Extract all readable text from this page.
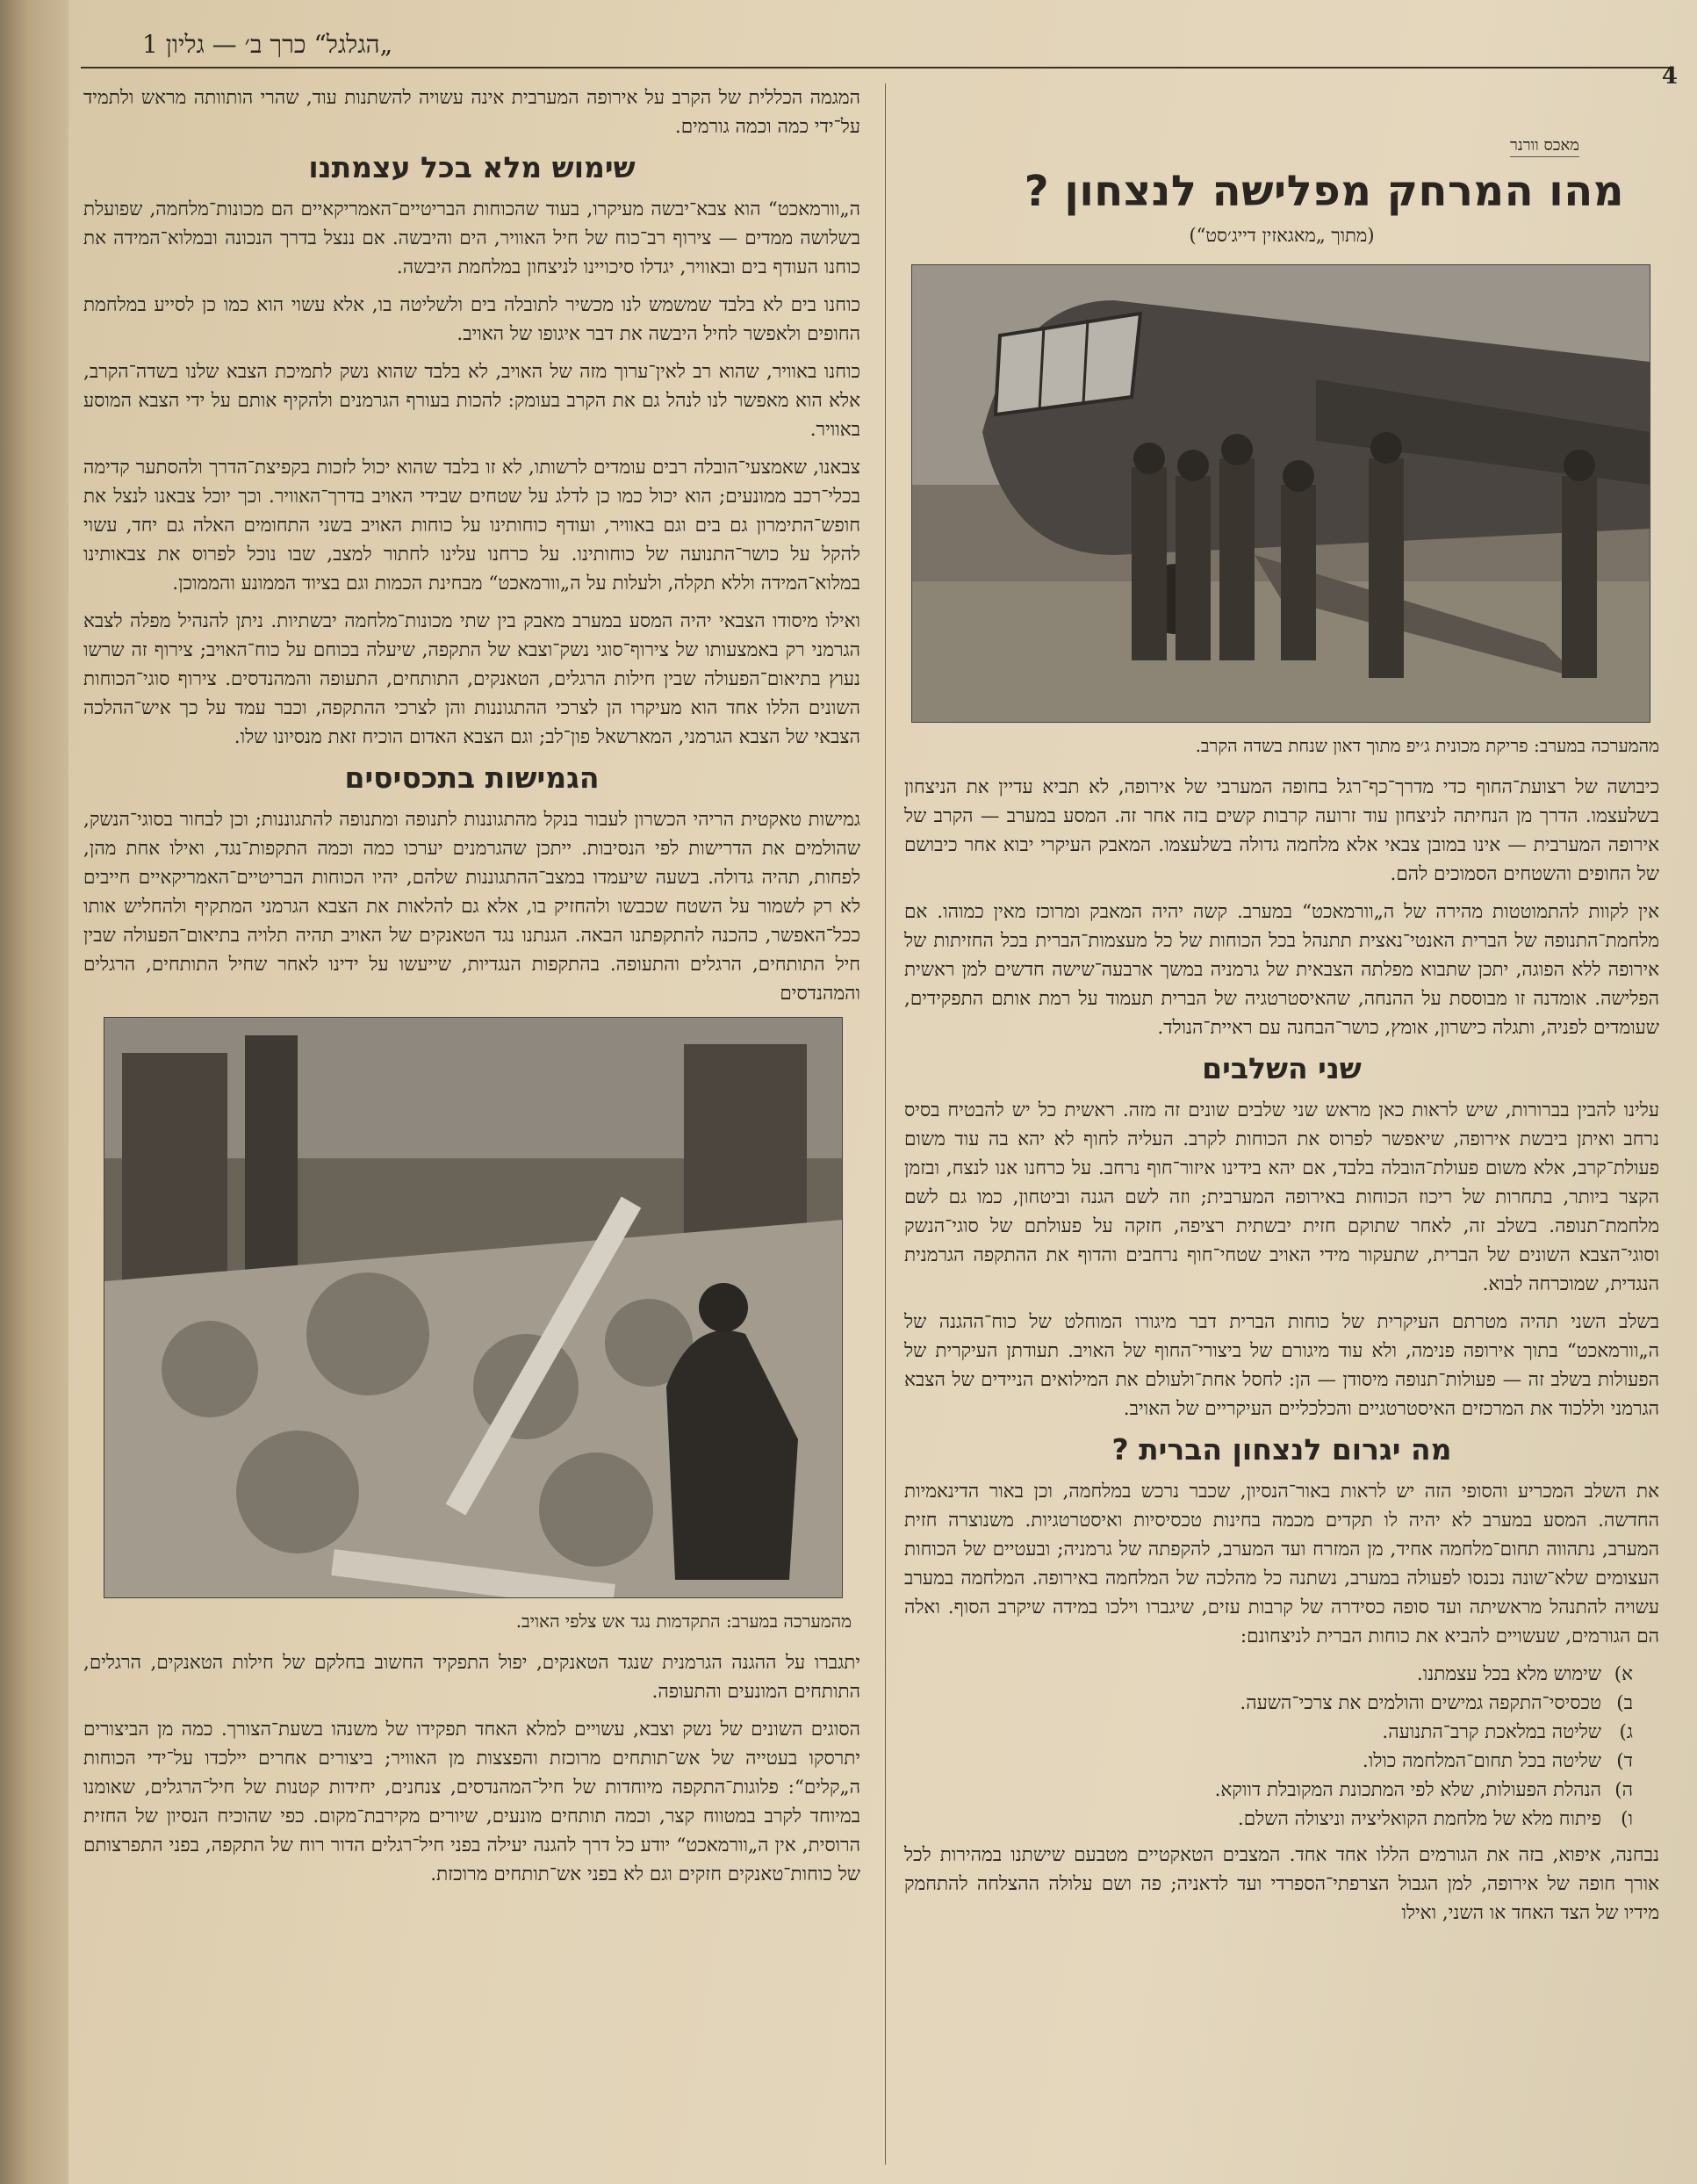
„הגלגל“ כרך ב׳ — גליון 1
4
מאכס וורנר
מהו המרחק מפלישה לנצחון ?
(מתוך „מאגאזין דייג׳סט“)
מהמערכה במערב: פריקת מכונית ג׳יפ מתוך דאון שנחת בשדה הקרב.

כיבושה של רצועת־החוף כדי מדרך־כף־רגל בחופה המערבי של אירופה, לא תביא עדיין את הניצחון בשלעצמו. הדרך מן הנחיתה לניצחון עוד זרועה קרבות קשים בזה אחר זה. המסע במערב — הקרב של אירופה המערבית — אינו במובן צבאי אלא מלחמה גדולה בשלעצמו. המאבק העיקרי יבוא אחר כיבושם של החופים והשטחים הסמוכים להם.

אין לקוות להתמוטטות מהירה של ה„וורמאכט“ במערב. קשה יהיה המאבק ומרוכז מאין כמוהו. אם מלחמת־התנופה של הברית האנטי־נאצית תתנהל בכל הכוחות של כל מעצמות־הברית בכל החזיתות של אירופה ללא הפוגה, יתכן שתבוא מפלתה הצבאית של גרמניה במשך ארבעה־שישה חדשים למן ראשית הפלישה. אומדנה זו מבוססת על ההנחה, שהאיסטרטגיה של הברית תעמוד על רמת אותם התפקידים, שעומדים לפניה, ותגלה כישרון, אומץ, כושר־הבחנה עם ראיית־הנולד.

שני השלבים

עלינו להבין בברורות, שיש לראות כאן מראש שני שלבים שונים זה מזה. ראשית כל יש להבטיח בסיס נרחב ואיתן ביבשת אירופה, שיאפשר לפרוס את הכוחות לקרב. העליה לחוף לא יהא בה עוד משום פעולת־קרב, אלא משום פעולת־הובלה בלבד, אם יהא בידינו איזור־חוף נרחב. על כרחנו אנו לנצח, ובזמן הקצר ביותר, בתחרות של ריכוז הכוחות באירופה המערבית; וזה לשם הגנה וביטחון, כמו גם לשם מלחמת־תנופה. בשלב זה, לאחר שתוקם חזית יבשתית רציפה, חזקה על פעולתם של סוגי־הנשק וסוגי־הצבא השונים של הברית, שתעקור מידי האויב שטחי־חוף נרחבים והדוף את ההתקפה הגרמנית הנגדית, שמוכרחה לבוא.

בשלב השני תהיה מטרתם העיקרית של כוחות הברית דבר מיגורו המוחלט של כוח־ההגנה של ה„וורמאכט“ בתוך אירופה פנימה, ולא עוד מיגורם של ביצורי־החוף של האויב. תעודתן העיקרית של הפעולות בשלב זה — פעולות־תנופה מיסודן — הן: לחסל אחת־ולעולם את המילואים הניידים של הצבא הגרמני וללכוד את המרכזים האיסטרטגיים והכלכליים העיקריים של האויב.

מה יגרום לנצחון הברית ?

את השלב המכריע והסופי הזה יש לראות באור־הנסיון, שכבר נרכש במלחמה, וכן באור הדינאמיות החדשה. המסע במערב לא יהיה לו תקדים מכמה בחינות טכסיסיות ואיסטרטגיות. משנוצרה חזית המערב, נתהווה תחום־מלחמה אחיד, מן המזרח ועד המערב, להקפתה של גרמניה; ובעטיים של הכוחות העצומים שלא־שונה נכנסו לפעולה במערב, נשתנה כל מהלכה של המלחמה באירופה. המלחמה במערב עשויה להתנהל מראשיתה ועד סופה כסידרה של קרבות עזים, שיגברו וילכו במידה שיקרב הסוף. ואלה הם הגורמים, שעשויים להביא את כוחות הברית לניצחונם:

א)שימוש מלא בכל עצמתנו.
ב)טכסיסי־התקפה גמישים והולמים את צרכי־השעה.
ג)שליטה במלאכת קרב־התנועה.
ד)שליטה בכל תחום־המלחמה כולו.
ה)הנהלת הפעולות, שלא לפי המתכונת המקובלת דווקא.
ו)פיתוח מלא של מלחמת הקואליציה וניצולה השלם.

נבחנה, איפוא, בזה את הגורמים הללו אחד אחד. המצבים הטאקטיים מטבעם שישתנו במהירות לכל אורך חופה של אירופה, למן הגבול הצרפתי־הספרדי ועד לדאניה; פה ושם עלולה ההצלחה להתחמק מידיו של הצד האחד או השני, ואילו

המגמה הכללית של הקרב על אירופה המערבית אינה עשויה להשתנות עוד, שהרי הותוותה מראש ולתמיד על־ידי כמה וכמה גורמים.

שימוש מלא בכל עצמתנו

ה„וורמאכט“ הוא צבא־יבשה מעיקרו, בעוד שהכוחות הבריטיים־האמריקאיים הם מכונות־מלחמה, שפועלת בשלושה ממדים — צירוף רב־כוח של חיל האוויר, הים והיבשה. אם ננצל בדרך הנכונה ובמלוא־המידה את כוחנו העודף בים ובאוויר, יגדלו סיכויינו לניצחון במלחמת היבשה.

כוחנו בים לא בלבד שמשמש לנו מכשיר לתובלה בים ולשליטה בו, אלא עשוי הוא כמו כן לסייע במלחמת החופים ולאפשר לחיל היבשה את דבר איגופו של האויב.

כוחנו באוויר, שהוא רב לאין־ערוך מזה של האויב, לא בלבד שהוא נשק לתמיכת הצבא שלנו בשדה־הקרב, אלא הוא מאפשר לנו לנהל גם את הקרב בעומק: להכות בעורף הגרמנים ולהקיף אותם על ידי הצבא המוסע באוויר.

צבאנו, שאמצעי־הובלה רבים עומדים לרשותו, לא זו בלבד שהוא יכול לזכות בקפיצת־הדרך ולהסתער קדימה בכלי־רכב ממונעים; הוא יכול כמו כן לדלג על שטחים שבידי האויב בדרך־האוויר. וכך יוכל צבאנו לנצל את חופש־התימרון גם בים וגם באוויר, ועודף כוחותינו על כוחות האויב בשני התחומים האלה גם יחד, עשוי להקל על כושר־התנועה של כוחותינו. על כרחנו עלינו לחתור למצב, שבו נוכל לפרוס את צבאותינו במלוא־המידה וללא תקלה, ולעלות על ה„וורמאכט“ מבחינת הכמות וגם בציוד הממונע והממוכן.

ואילו מיסודו הצבאי יהיה המסע במערב מאבק בין שתי מכונות־מלחמה יבשתיות. ניתן להנהיל מפלה לצבא הגרמני רק באמצעותו של צירוף־סוגי נשק־וצבא של התקפה, שיעלה בכוחם על כוח־האויב; צירוף זה שרשו נעוץ בתיאום־הפעולה שבין חילות הרגלים, הטאנקים, התותחים, התעופה והמהנדסים. צירוף סוגי־הכוחות השונים הללו אחד הוא מעיקרו הן לצרכי ההתגוננות והן לצרכי ההתקפה, וכבר עמד על כך איש־ההלכה הצבאי של הצבא הגרמני, המארשאל פון־לב; וגם הצבא האדום הוכיח זאת מנסיונו שלו.

הגמישות בתכסיסים

גמישות טאקטית הריהי הכשרון לעבור בנקל מהתגוננות לתנופה ומתנופה להתגוננות; וכן לבחור בסוגי־הנשק, שהולמים את הדרישות לפי הנסיבות. ייתכן שהגרמנים יערכו כמה וכמה התקפות־נגד, ואילו אחת מהן, לפחות, תהיה גדולה. בשעה שיעמדו במצב־ההתגוננות שלהם, יהיו הכוחות הבריטיים־האמריקאיים חייבים לא רק לשמור על השטח שכבשו ולהחזיק בו, אלא גם להלאות את הצבא הגרמני המתקיף ולהחליש אותו ככל־האפשר, כהכנה להתקפתנו הבאה. הגנתנו נגד הטאנקים של האויב תהיה תלויה בתיאום־הפעולה שבין חיל התותחים, הרגלים והתעופה. בהתקפות הנגדיות, שייעשו על ידינו לאחר שחיל התותחים, הרגלים והמהנדסים

מהמערכה במערב: התקדמות נגד אש צלפי האויב.

יתגברו על ההגנה הגרמנית שנגד הטאנקים, יפול התפקיד החשוב בחלקם של חילות הטאנקים, הרגלים, התותחים המונעים והתעופה.

הסוגים השונים של נשק וצבא, עשויים למלא האחד תפקידו של משנהו בשעת־הצורך. כמה מן הביצורים יתרסקו בעטייה של אש־תותחים מרוכזת והפצצות מן האוויר; ביצורים אחרים יילכדו על־ידי הכוחות ה„קלים“: פלוגות־התקפה מיוחדות של חיל־המהנדסים, צנחנים, יחידות קטנות של חיל־הרגלים, שאומנו במיוחד לקרב במטווח קצר, וכמה תותחים מונעים, שיורים מקירבת־מקום. כפי שהוכיח הנסיון של החזית הרוסית, אין ה„וורמאכט“ יודע כל דרך להגנה יעילה בפני חיל־רגלים הדור רוח של התקפה, בפני התפרצותם של כוחות־טאנקים חזקים וגם לא בפני אש־תותחים מרוכזת.
